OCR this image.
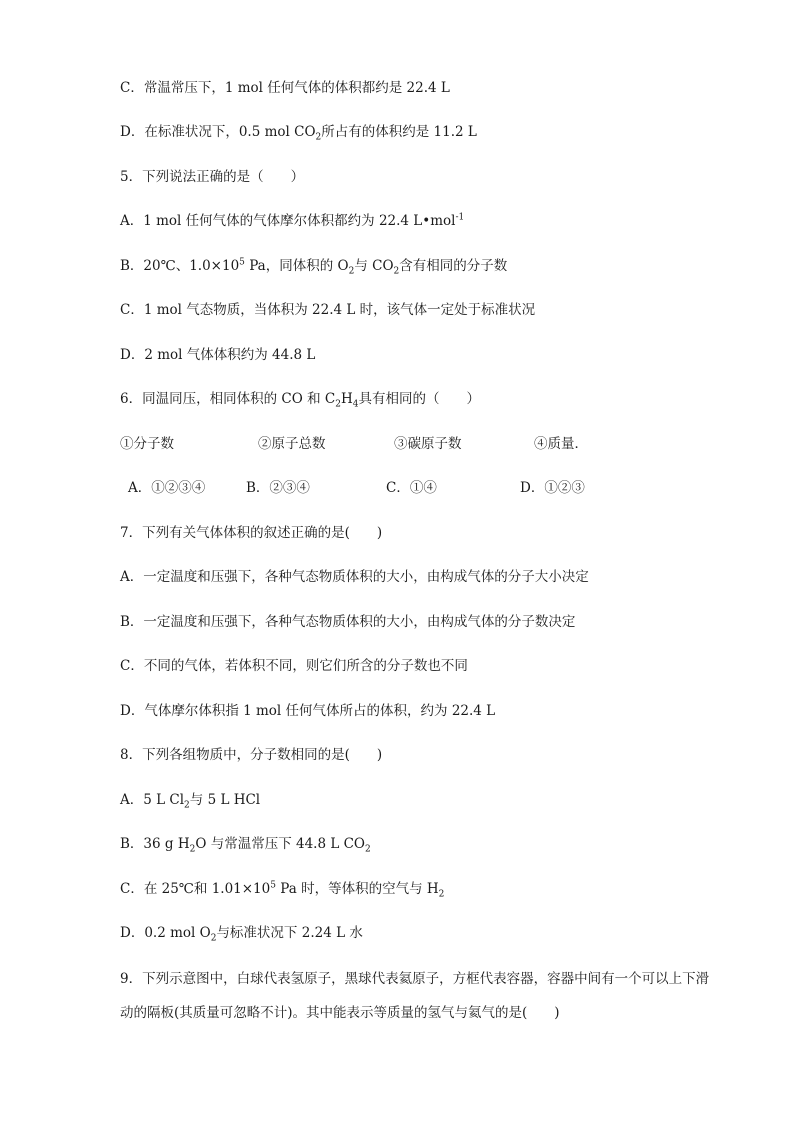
C．常温常压下，1 mol 任何气体的体积都约是 22.4 L
D．在标准状况下，0.5 mol $CO_2$所占有的体积约是 11.2 L
5．下列说法正确的是（　　）
A．1 mol 任何气体的气体摩尔体积都约为 22.4 L•mol$^{-1}$
B．20℃、$1.0\times 10^5$ Pa，同体积的 $O_2$与 $CO_2$含有相同的分子数
C．1 mol 气态物质，当体积为 22.4 L 时，该气体一定处于标准状况
D．2 mol 气体体积约为 44.8 L
6．同温同压，相同体积的 CO 和 $C_2H_4$具有相同的（　　）
①分子数	②原子总数	③碳原子数	④质量．
A．①②③④	B．②③④	C．①④	D．①②③
7．下列有关气体体积的叙述正确的是(　　)
A．一定温度和压强下，各种气态物质体积的大小，由构成气体的分子大小决定
B．一定温度和压强下，各种气态物质体积的大小，由构成气体的分子数决定
C．不同的气体，若体积不同，则它们所含的分子数也不同
D．气体摩尔体积指 1 mol 任何气体所占的体积，约为 22.4 L
8．下列各组物质中，分子数相同的是(　　)
A．5 L $Cl_2$与 5 L HCl
B．36 g $H_2O$ 与常温常压下 44.8 L $CO_2$
C．在 25℃和 $1.01\times 10^5$ Pa 时，等体积的空气与 $H_2$
D．0.2 mol $O_2$与标准状况下 2.24 L 水
9．下列示意图中，白球代表氢原子，黑球代表氦原子，方框代表容器，容器中间有一个可以上下滑动的隔板(其质量可忽略不计)。其中能表示等质量的氢气与氦气的是(　　)
